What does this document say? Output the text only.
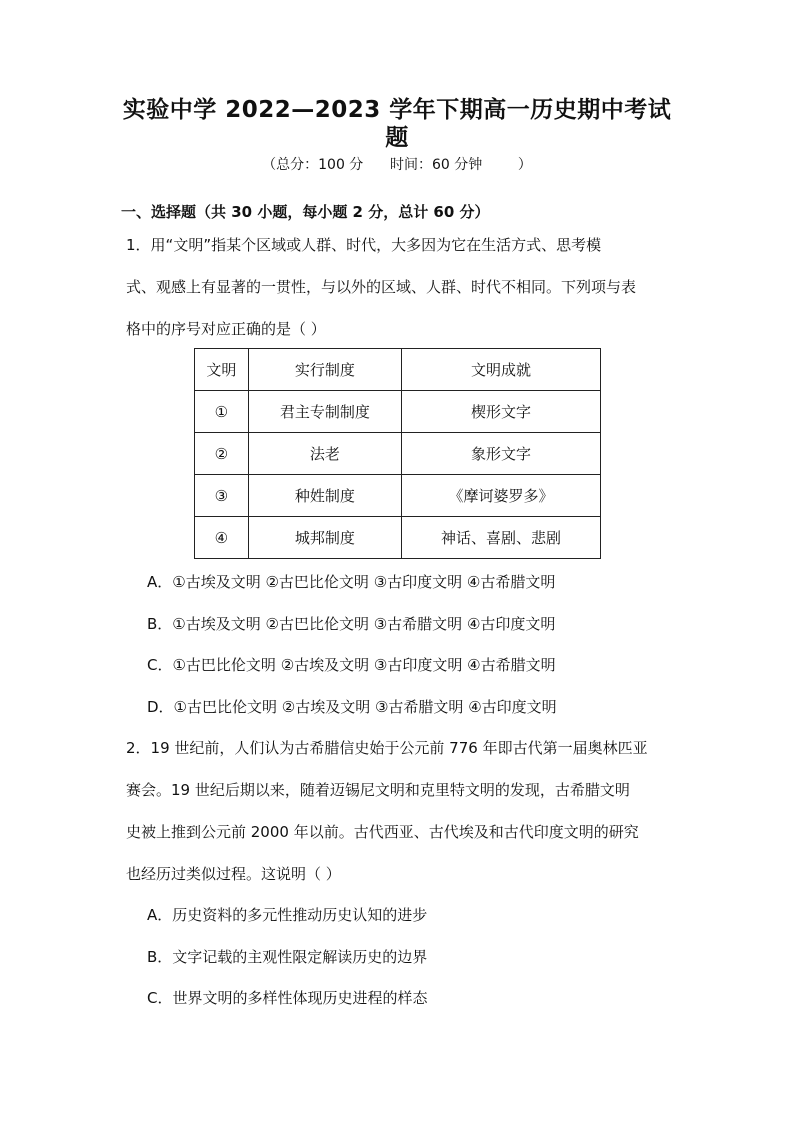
实验中学 2022—2023 学年下期高一历史期中考试
题
（总分：100 分      时间：60 分钟        ）
一、选择题（共 30 小题，每小题 2 分，总计 60 分）
1．用“文明”指某个区域或人群、时代，大多因为它在生活方式、思考模
式、观感上有显著的一贯性，与以外的区域、人群、时代不相同。下列项与表
格中的序号对应正确的是（ ）
文明	实行制度	文明成就
①	君主专制制度	楔形文字
②	法老	象形文字
③	种姓制度	《摩诃婆罗多》
④	城邦制度	神话、喜剧、悲剧
A．①古埃及文明 ②古巴比伦文明 ③古印度文明 ④古希腊文明
B．①古埃及文明 ②古巴比伦文明 ③古希腊文明 ④古印度文明
C．①古巴比伦文明 ②古埃及文明 ③古印度文明 ④古希腊文明
D．①古巴比伦文明 ②古埃及文明 ③古希腊文明 ④古印度文明
2．19 世纪前，人们认为古希腊信史始于公元前 776 年即古代第一届奥林匹亚
赛会。19 世纪后期以来，随着迈锡尼文明和克里特文明的发现，古希腊文明
史被上推到公元前 2000 年以前。古代西亚、古代埃及和古代印度文明的研究
也经历过类似过程。这说明（ ）
A．历史资料的多元性推动历史认知的进步
B．文字记载的主观性限定解读历史的边界
C．世界文明的多样性体现历史进程的样态
